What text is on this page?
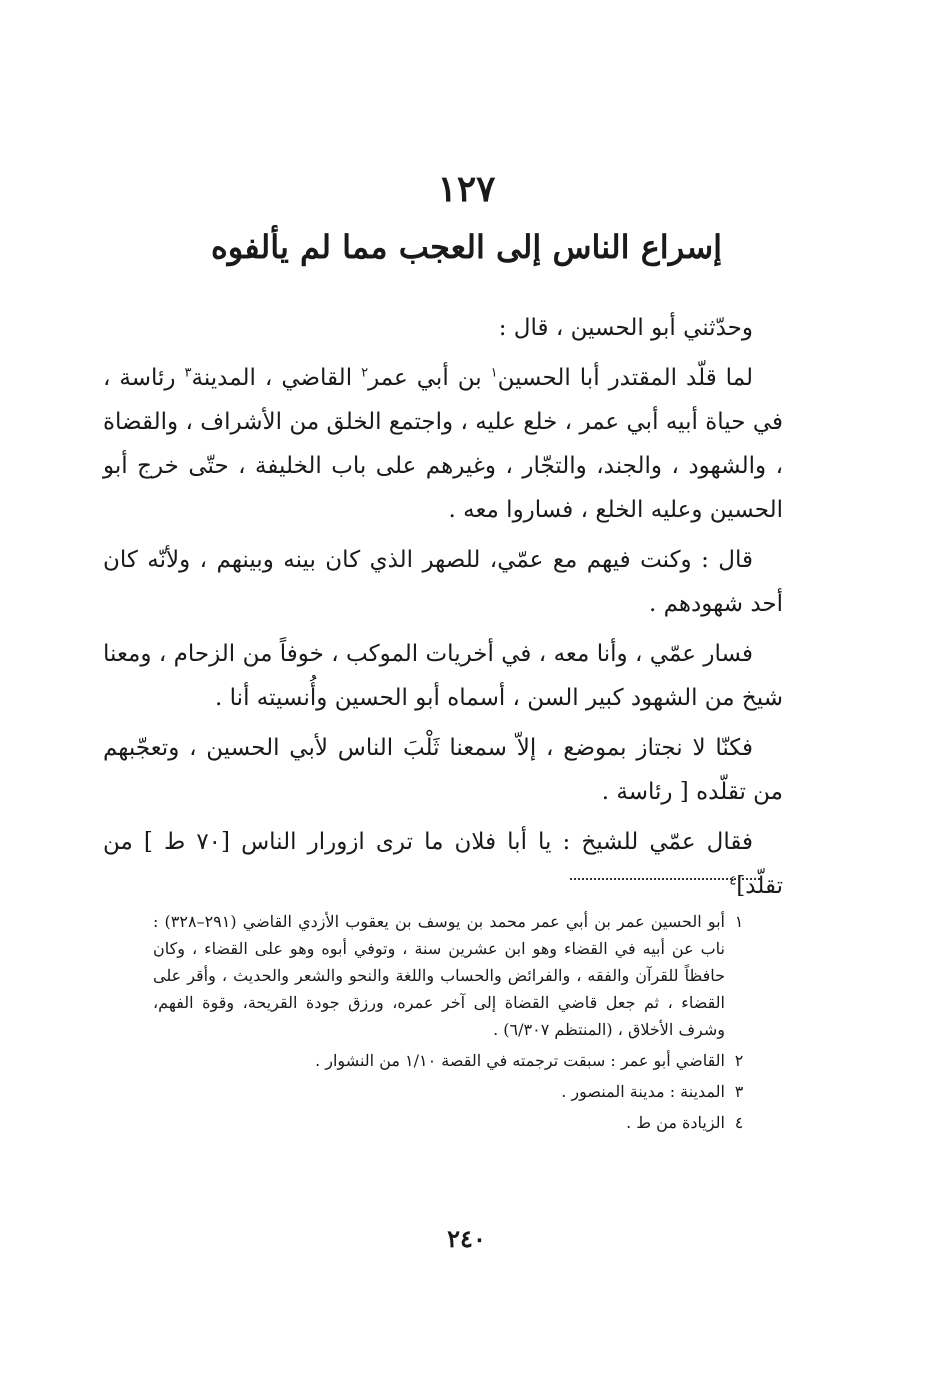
١٢٧
إسراع الناس إلى العجب مما لم يألفوه

وحدّثني أبو الحسين ، قال :

لما قلّد المقتدر أبا الحسين$^١$ بن أبي عمر$^٢$ القاضي ، المدينة$^٣$ رئاسة ، في حياة أبيه أبي عمر ، خلع عليه ، واجتمع الخلق من الأشراف ، والقضاة ، والشهود ، والجند، والتجّار ، وغيرهم على باب الخليفة ، حتّى خرج أبو الحسين وعليه الخلع ، فساروا معه .

قال : وكنت فيهم مع عمّي، للصهر الذي كان بينه وبينهم ، ولأنّه كان أحد شهودهم .

فسار عمّي ، وأنا معه ، في أخريات الموكب ، خوفاً من الزحام ، ومعنا شيخ من الشهود كبير السن ، أسماه أبو الحسين وأُنسيته أنا .

فكنّا لا نجتاز بموضع ، إلاّ سمعنا ثَلْبَ الناس لأبي الحسين ، وتعجّبهم من تقلّده [ رئاسة .

فقال عمّي للشيخ : يا أبا فلان ما ترى ازورار الناس [٧٠ ط ] من تقلّد]$^٤$

١
أبو الحسين عمر بن أبي عمر محمد بن يوسف بن يعقوب الأزدي القاضي (٢٩١–٣٢٨) : ناب عن أبيه في القضاء وهو ابن عشرين سنة ، وتوفي أبوه وهو على القضاء ، وكان حافظاً للقرآن والفقه ، والفرائض والحساب واللغة والنحو والشعر والحديث ، وأقر على القضاء ، ثم جعل قاضي القضاة إلى آخر عمره، ورزق جودة القريحة، وقوة الفهم، وشرف الأخلاق ، (المنتظم ٦/٣٠٧) .
٢
القاضي أبو عمر : سبقت ترجمته في القصة ١/١٠ من النشوار .
٣
المدينة : مدينة المنصور .
٤
الزيادة من ط .
٢٤٠
